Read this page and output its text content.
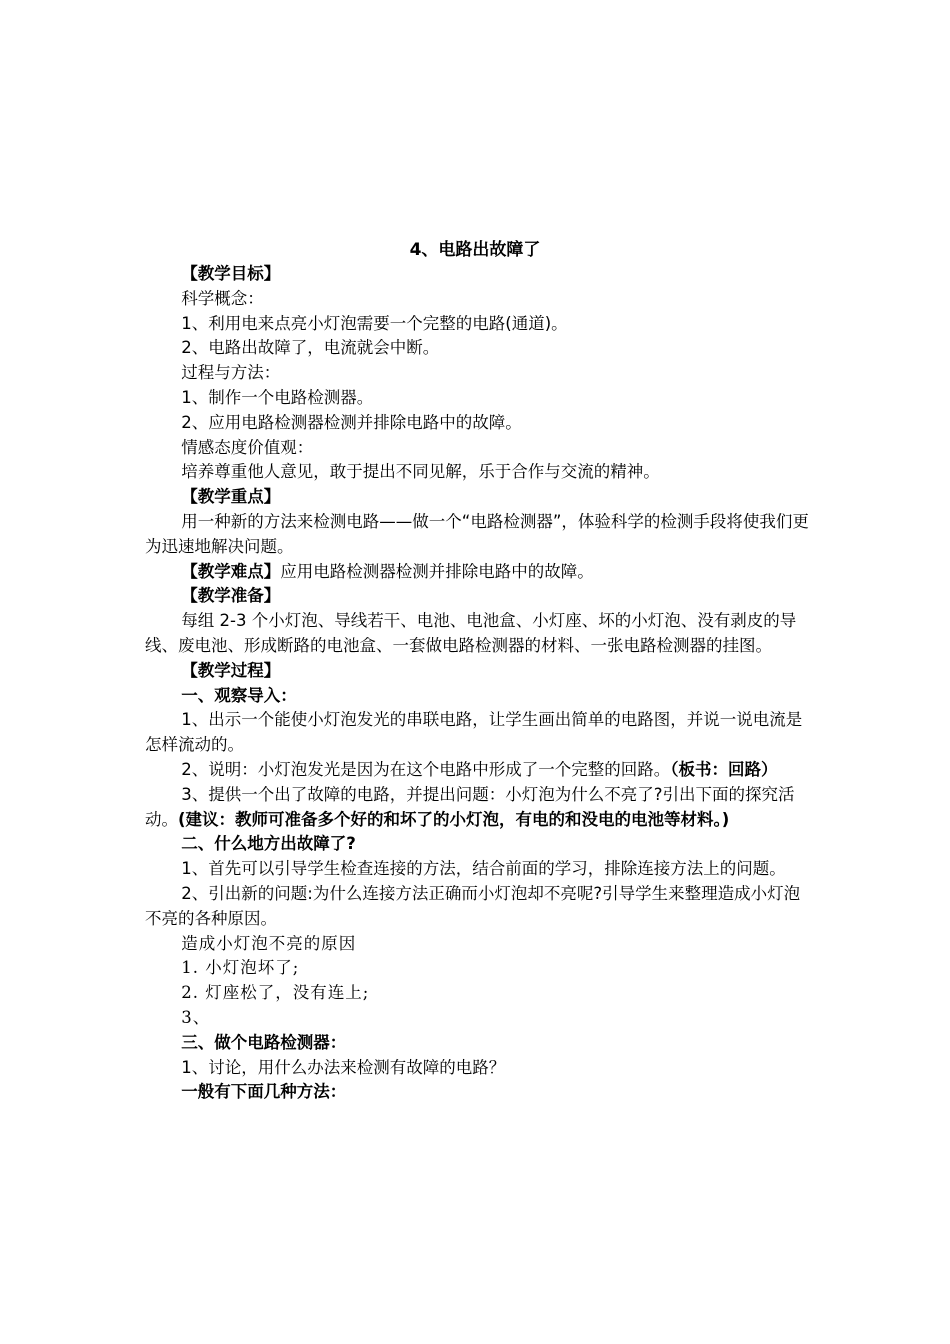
4、电路出故障了

【教学目标】

科学概念：

1、利用电来点亮小灯泡需要一个完整的电路(通道)。

2、电路出故障了，电流就会中断。

过程与方法：

1、制作一个电路检测器。

2、应用电路检测器检测并排除电路中的故障。

情感态度价值观：

培养尊重他人意见，敢于提出不同见解，乐于合作与交流的精神。

【教学重点】

用一种新的方法来检测电路——做一个“电路检测器”，体验科学的检测手段将使我们更为迅速地解决问题。

【教学难点】应用电路检测器检测并排除电路中的故障。

【教学准备】

每组 2-3 个小灯泡、导线若干、电池、电池盒、小灯座、坏的小灯泡、没有剥皮的导线、废电池、形成断路的电池盒、一套做电路检测器的材料、一张电路检测器的挂图。

【教学过程】

一、观察导入：

1、出示一个能使小灯泡发光的串联电路，让学生画出简单的电路图，并说一说电流是怎样流动的。

2、说明：小灯泡发光是因为在这个电路中形成了一个完整的回路。（板书：回路）

3、提供一个出了故障的电路，并提出问题：小灯泡为什么不亮了?引出下面的探究活动。(建议：教师可准备多个好的和坏了的小灯泡，有电的和没电的电池等材料。)

二、什么地方出故障了?

1、首先可以引导学生检查连接的方法，结合前面的学习，排除连接方法上的问题。

2、引出新的问题:为什么连接方法正确而小灯泡却不亮呢?引导学生来整理造成小灯泡不亮的各种原因。

造成小灯泡不亮的原因

1. 小灯泡坏了;

2. 灯座松了，没有连上;

3、

三、做个电路检测器：

1、讨论，用什么办法来检测有故障的电路？

一般有下面几种方法：
